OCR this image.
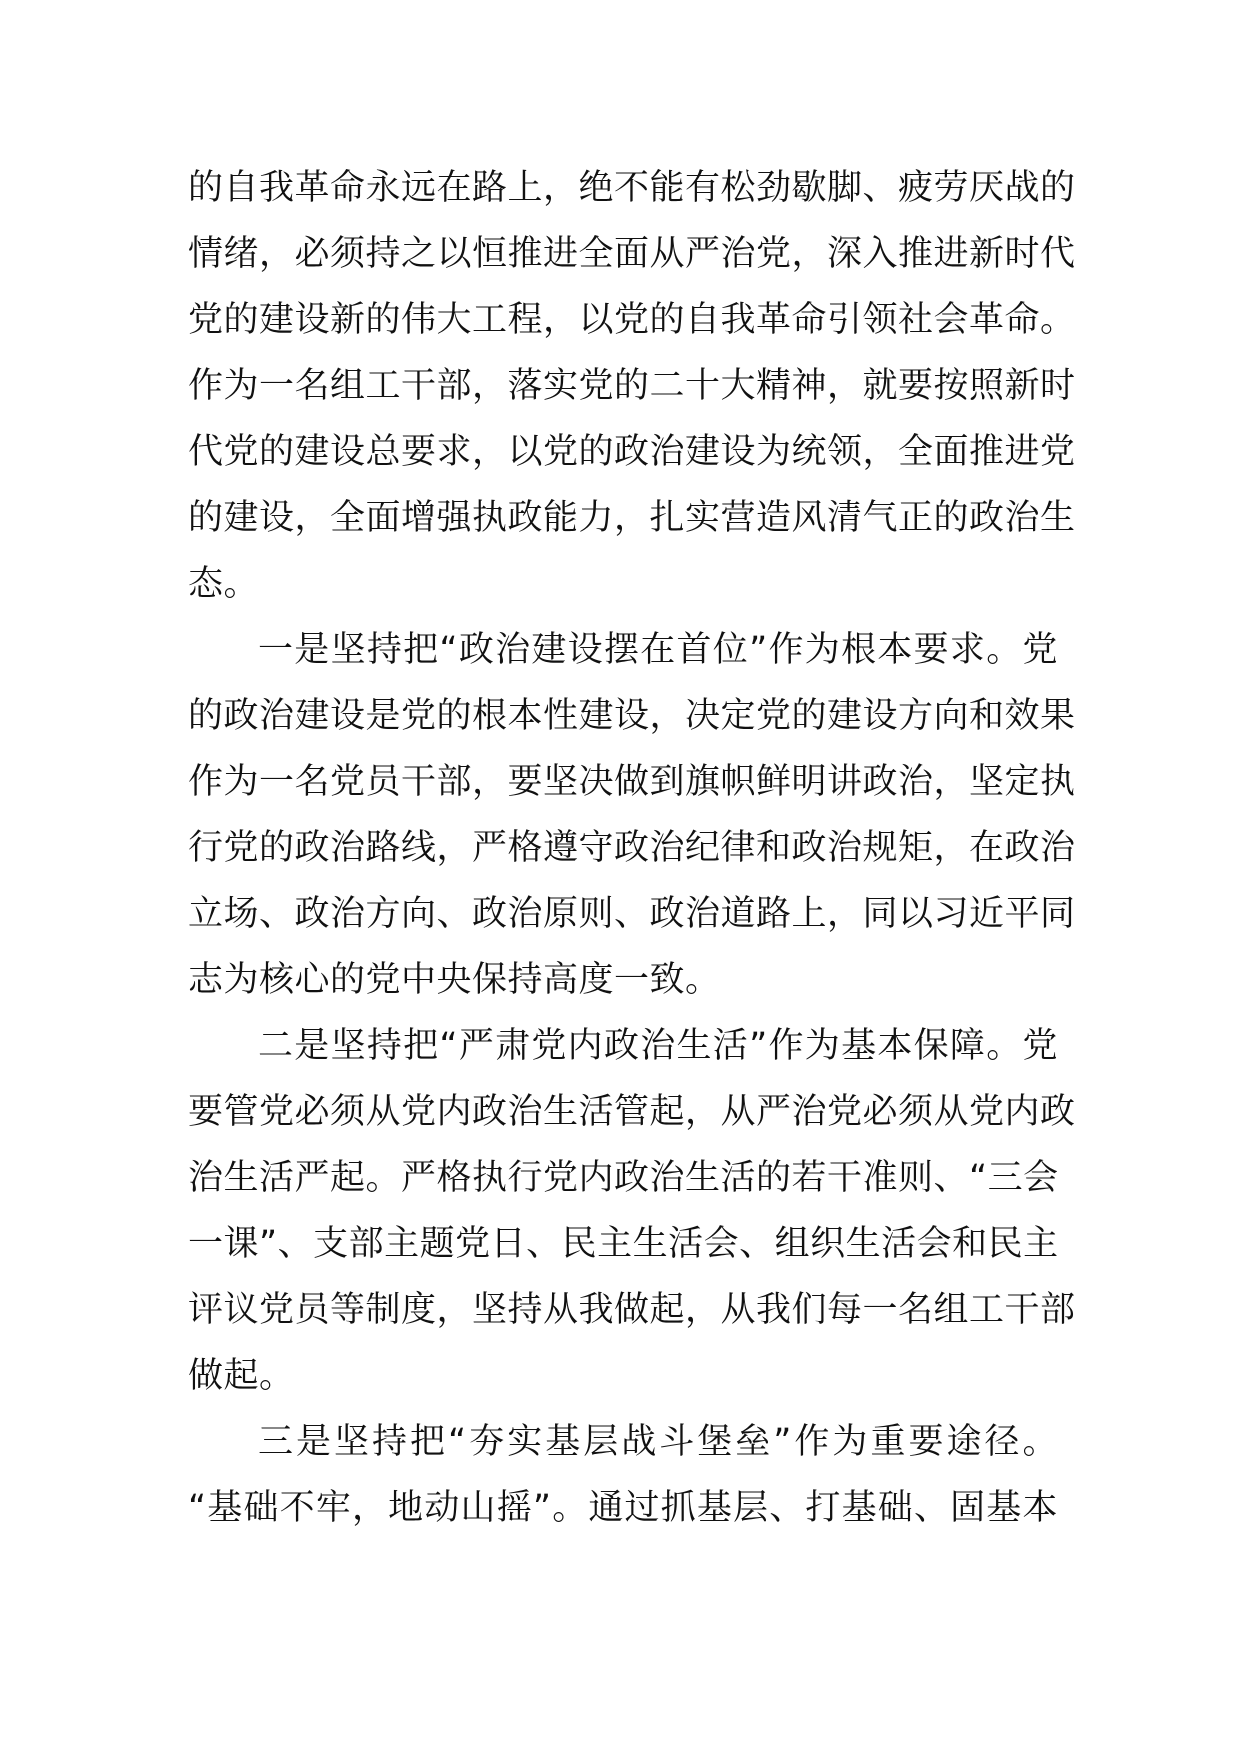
的自我革命永远在路上，绝不能有松劲歇脚、疲劳厌战的
情绪，必须持之以恒推进全面从严治党，深入推进新时代
党的建设新的伟大工程，以党的自我革命引领社会革命。
作为一名组工干部，落实党的二十大精神，就要按照新时
代党的建设总要求，以党的政治建设为统领，全面推进党
的建设，全面增强执政能力，扎实营造风清气正的政治生
态。
一是坚持把“政治建设摆在首位”作为根本要求。党
的政治建设是党的根本性建设，决定党的建设方向和效果
作为一名党员干部，要坚决做到旗帜鲜明讲政治，坚定执
行党的政治路线，严格遵守政治纪律和政治规矩，在政治
立场、政治方向、政治原则、政治道路上，同以习近平同
志为核心的党中央保持高度一致。
二是坚持把“严肃党内政治生活”作为基本保障。党
要管党必须从党内政治生活管起，从严治党必须从党内政
治生活严起。严格执行党内政治生活的若干准则、“三会
一课”、支部主题党日、民主生活会、组织生活会和民主
评议党员等制度，坚持从我做起，从我们每一名组工干部
做起。
三是坚持把“夯实基层战斗堡垒”作为重要途径。
“基础不牢，地动山摇”。通过抓基层、打基础、固基本
